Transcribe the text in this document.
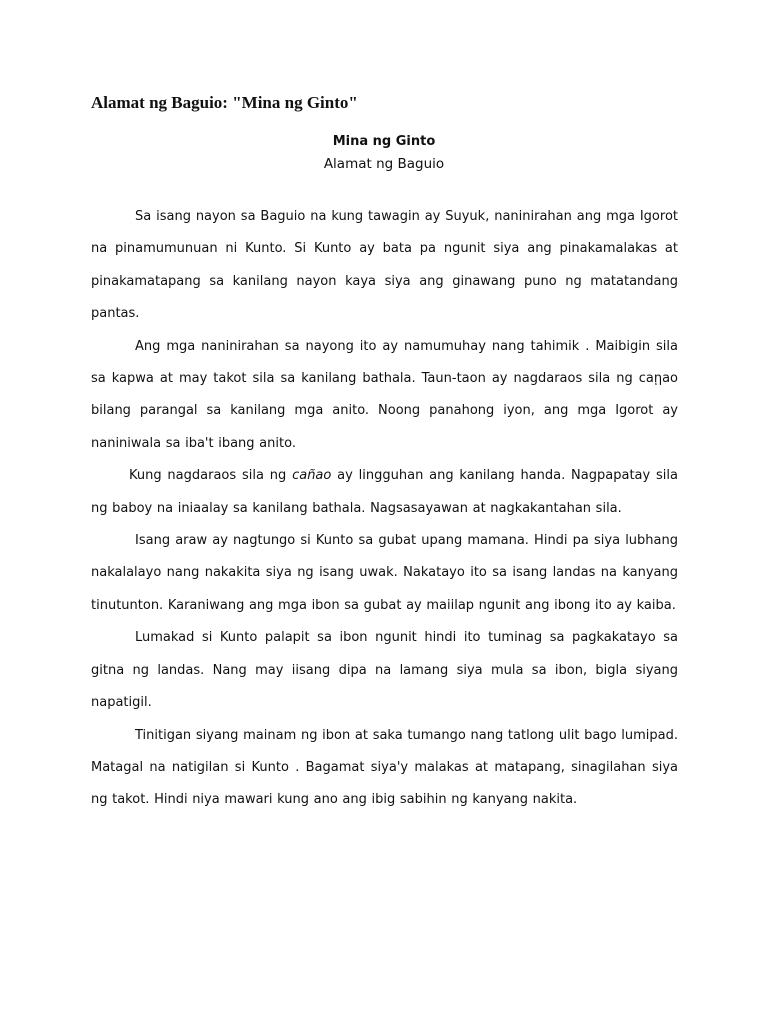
Alamat ng Baguio: "Mina ng Ginto"
Mina ng Ginto
Alamat ng Baguio

Sa isang nayon sa Baguio na kung tawagin ay Suyuk, naninirahan ang mga Igorot na pinamumunuan ni Kunto. Si Kunto ay bata pa ngunit siya ang pinakamalakas at pinakamatapang sa kanilang nayon kaya siya ang ginawang puno ng matatandang pantas.

Ang mga naninirahan sa nayong ito ay namumuhay nang tahimik . Maibigin sila sa kapwa at may takot sila sa kanilang bathala. Taun-taon ay nagdaraos sila ng caῃao bilang parangal sa kanilang mga anito. Noong panahong iyon, ang mga Igorot ay naniniwala sa iba't ibang anito.

Kung nagdaraos sila ng cañao ay lingguhan ang kanilang handa. Nagpapatay sila ng baboy na iniaalay sa kanilang bathala. Nagsasayawan at nagkakantahan sila.

Isang araw ay nagtungo si Kunto sa gubat upang mamana. Hindi pa siya lubhang nakalalayo nang nakakita siya ng isang uwak. Nakatayo ito sa isang landas na kanyang tinutunton. Karaniwang ang mga ibon sa gubat ay maiilap ngunit ang ibong ito ay kaiba.

Lumakad si Kunto palapit sa ibon ngunit hindi ito tuminag sa pagkakatayo sa gitna ng landas. Nang may iisang dipa na lamang siya mula sa ibon, bigla siyang napatigil.

Tinitigan siyang mainam ng ibon at saka tumango nang tatlong ulit bago lumipad. Matagal na natigilan si Kunto . Bagamat siya'y malakas at matapang, sinagilahan siya ng takot. Hindi niya mawari kung ano ang ibig sabihin ng kanyang nakita.
